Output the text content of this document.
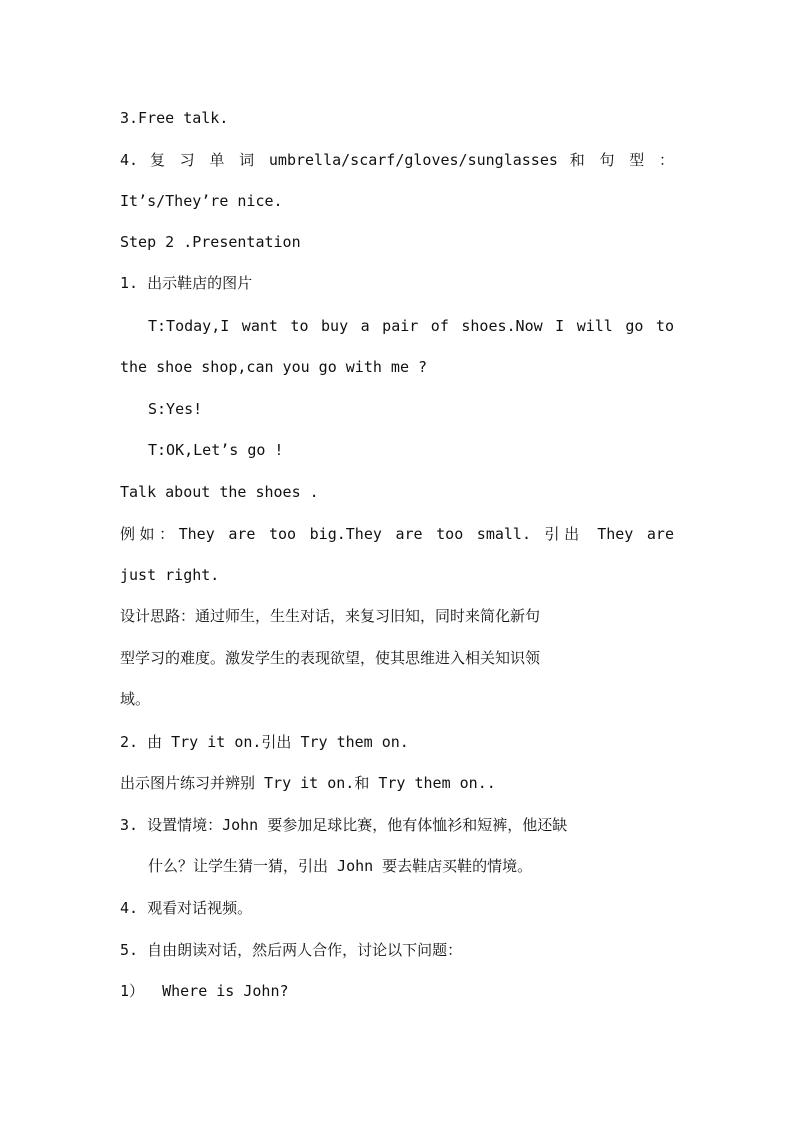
3.Free talk.
4. 复 习 单 词 umbrella/scarf/gloves/sunglasses 和 句 型 ：
It’s/They’re nice.
Step 2 .Presentation
1. 出示鞋店的图片
T:Today,I want to buy a pair of shoes.Now I will go to
the shoe shop,can you go with me ?
S:Yes!
T:OK,Let’s go !
Talk about the shoes .
例如：They are too big.They are too small. 引出 They are
just right.
设计思路：通过师生，生生对话，来复习旧知，同时来简化新句
型学习的难度。激发学生的表现欲望，使其思维进入相关知识领
域。
2. 由 Try it on.引出 Try them on.
出示图片练习并辨别 Try it on.和 Try them on..
3. 设置情境：John 要参加足球比赛，他有体恤衫和短裤，他还缺
什么？让学生猜一猜，引出 John 要去鞋店买鞋的情境。
4. 观看对话视频。
5. 自由朗读对话，然后两人合作，讨论以下问题：
1）  Where is John?
